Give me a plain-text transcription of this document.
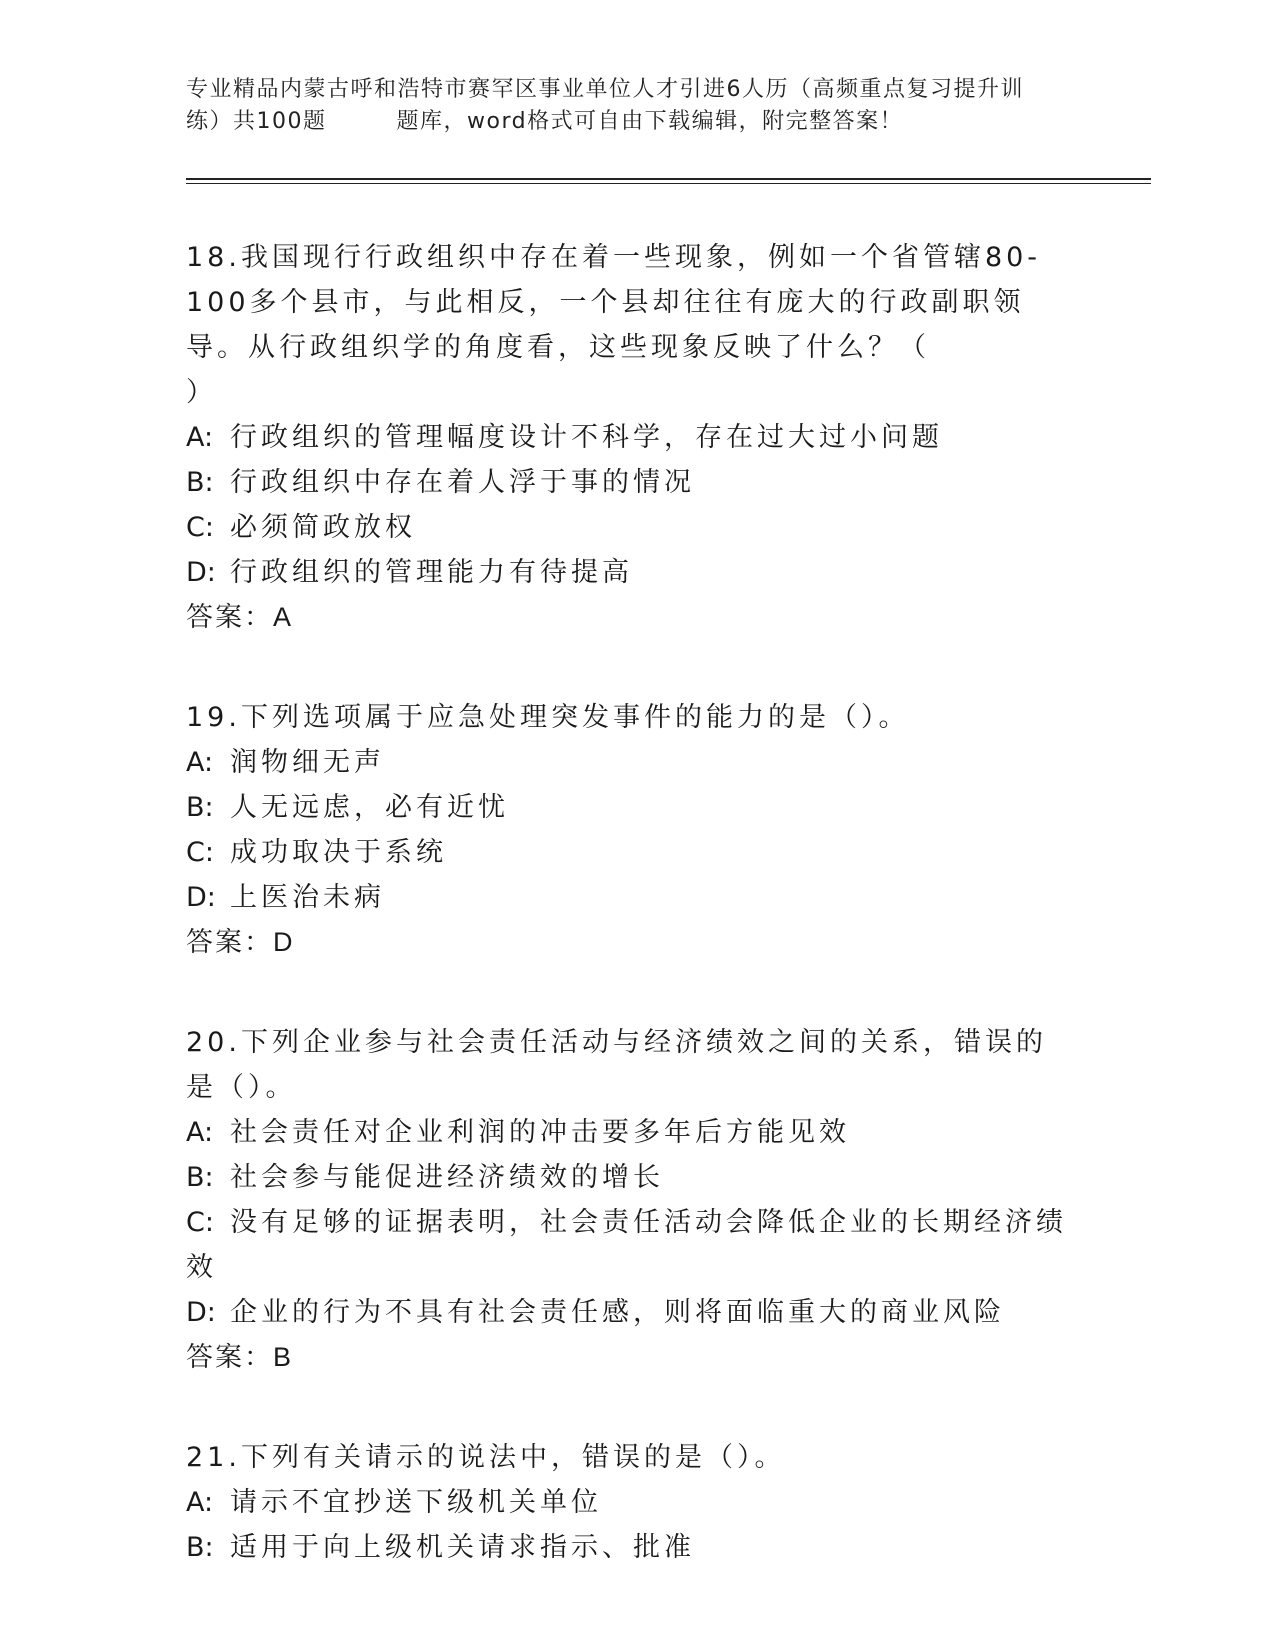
专业精品内蒙古呼和浩特市赛罕区事业单位人才引进6人历（高频重点复习提升训
练）共100题	题库，word格式可自由下载编辑，附完整答案！

18.我国现行行政组织中存在着一些现象，例如一个省管辖80-100多个县市，与此相反，一个县却往往有庞大的行政副职领导。从行政组织学的角度看，这些现象反映了什么？（）

A: 行政组织的管理幅度设计不科学，存在过大过小问题

B: 行政组织中存在着人浮于事的情况

C: 必须简政放权

D: 行政组织的管理能力有待提高

答案：A

19.下列选项属于应急处理突发事件的能力的是（）。

A: 润物细无声

B: 人无远虑，必有近忧

C: 成功取决于系统

D: 上医治未病

答案：D

20.下列企业参与社会责任活动与经济绩效之间的关系，错误的是（）。

A: 社会责任对企业利润的冲击要多年后方能见效

B: 社会参与能促进经济绩效的增长

C: 没有足够的证据表明，社会责任活动会降低企业的长期经济绩效

D: 企业的行为不具有社会责任感，则将面临重大的商业风险

答案：B

21.下列有关请示的说法中，错误的是（）。

A: 请示不宜抄送下级机关单位

B: 适用于向上级机关请求指示、批准
